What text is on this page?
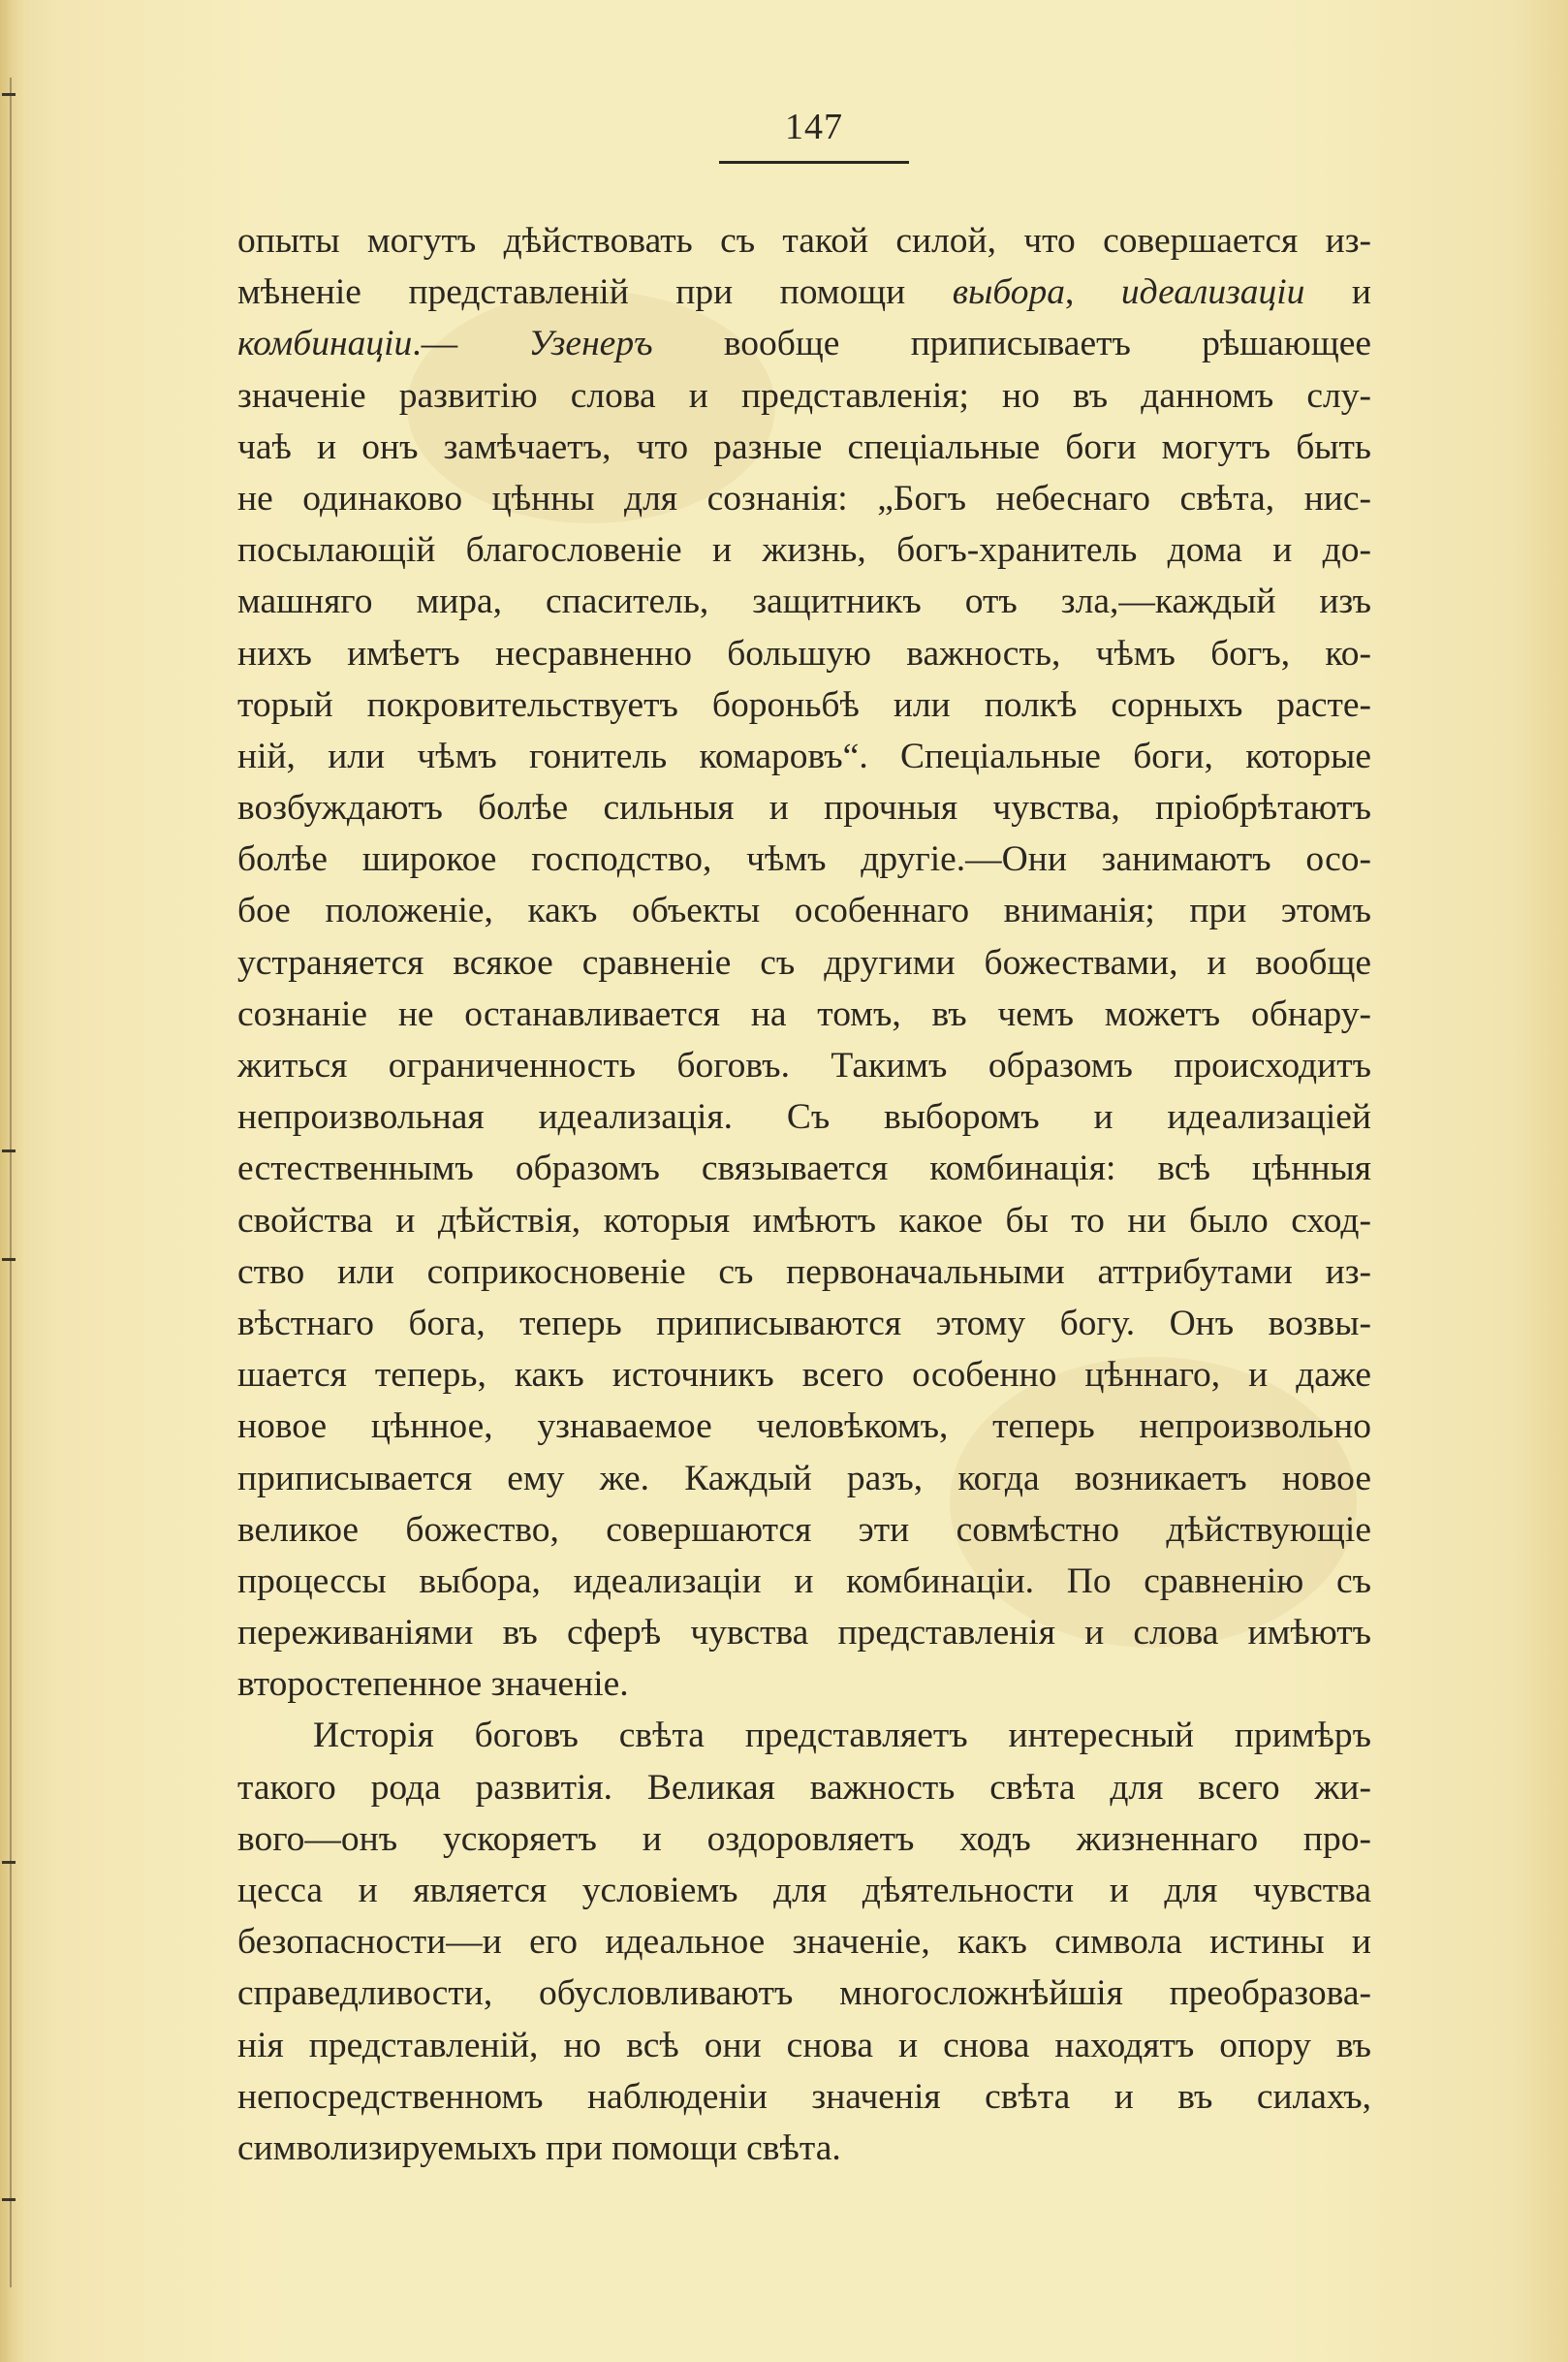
147
опыты могутъ дѣйствовать съ такой силой, что совершается из-
мѣненіе представленій при помощи выбора, идеализаціи и
комбинаціи.— Узенеръ вообще приписываетъ рѣшающее
значеніе развитію слова и представленія; но въ данномъ слу-
чаѣ и онъ замѣчаетъ, что разные спеціальные боги могутъ быть
не одинаково цѣнны для сознанія: „Богъ небеснаго свѣта, нис-
посылающій благословеніе и жизнь, богъ-хранитель дома и до-
машняго мира, спаситель, защитникъ отъ зла,—каждый изъ
нихъ имѣетъ несравненно большую важность, чѣмъ богъ, ко-
торый покровительствуетъ бороньбѣ или полкѣ сорныхъ расте-
ній, или чѣмъ гонитель комаровъ“. Спеціальные боги, которые
возбуждаютъ болѣе сильныя и прочныя чувства, пріобрѣтаютъ
болѣе широкое господство, чѣмъ другіе.—Они занимаютъ осо-
бое положеніе, какъ объекты особеннаго вниманія; при этомъ
устраняется всякое сравненіе съ другими божествами, и вообще
сознаніе не останавливается на томъ, въ чемъ можетъ обнару-
житься ограниченность боговъ. Такимъ образомъ происходитъ
непроизвольная идеализація. Съ выборомъ и идеализаціей
естественнымъ образомъ связывается комбинація: всѣ цѣнныя
свойства и дѣйствія, которыя имѣютъ какое бы то ни было сход-
ство или соприкосновеніе съ первоначальными аттрибутами из-
вѣстнаго бога, теперь приписываются этому богу. Онъ возвы-
шается теперь, какъ источникъ всего особенно цѣннаго, и даже
новое цѣнное, узнаваемое человѣкомъ, теперь непроизвольно
приписывается ему же. Каждый разъ, когда возникаетъ новое
великое божество, совершаются эти совмѣстно дѣйствующіе
процессы выбора, идеализаціи и комбинаціи. По сравненію съ
переживаніями въ сферѣ чувства представленія и слова имѣютъ
второстепенное значеніе.
Исторія боговъ свѣта представляетъ интересный примѣръ
такого рода развитія. Великая важность свѣта для всего жи-
вого—онъ ускоряетъ и оздоровляетъ ходъ жизненнаго про-
цесса и является условіемъ для дѣятельности и для чувства
безопасности—и его идеальное значеніе, какъ символа истины и
справедливости, обусловливаютъ многосложнѣйшія преобразова-
нія представленій, но всѣ они снова и снова находятъ опору въ
непосредственномъ наблюденіи значенія свѣта и въ силахъ,
символизируемыхъ при помощи свѣта.
